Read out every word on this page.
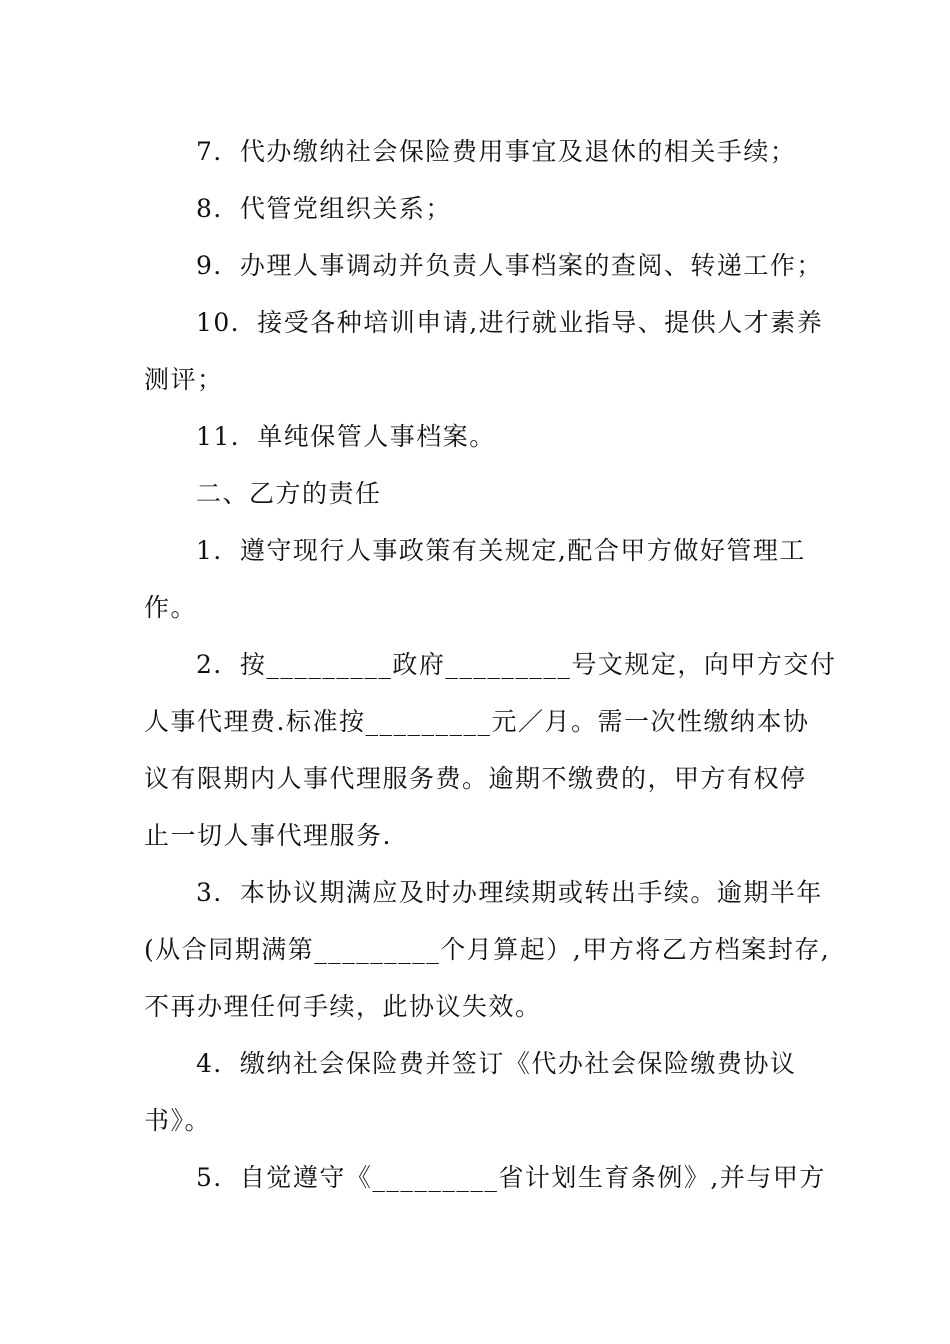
7．代办缴纳社会保险费用事宜及退休的相关手续；
8．代管党组织关系；
9．办理人事调动并负责人事档案的查阅、转递工作；
10．接受各种培训申请,进行就业指导、提供人才素养
测评；
11．单纯保管人事档案。
二、乙方的责任
1．遵守现行人事政策有关规定,配合甲方做好管理工
作。
2．按_________政府_________号文规定，向甲方交付
人事代理费.标准按_________元／月。需一次性缴纳本协
议有限期内人事代理服务费。逾期不缴费的，甲方有权停
止一切人事代理服务.
3．本协议期满应及时办理续期或转出手续。逾期半年
(从合同期满第_________个月算起）,甲方将乙方档案封存,
不再办理任何手续，此协议失效。
4．缴纳社会保险费并签订《代办社会保险缴费协议
书》。
5．自觉遵守《_________省计划生育条例》,并与甲方
